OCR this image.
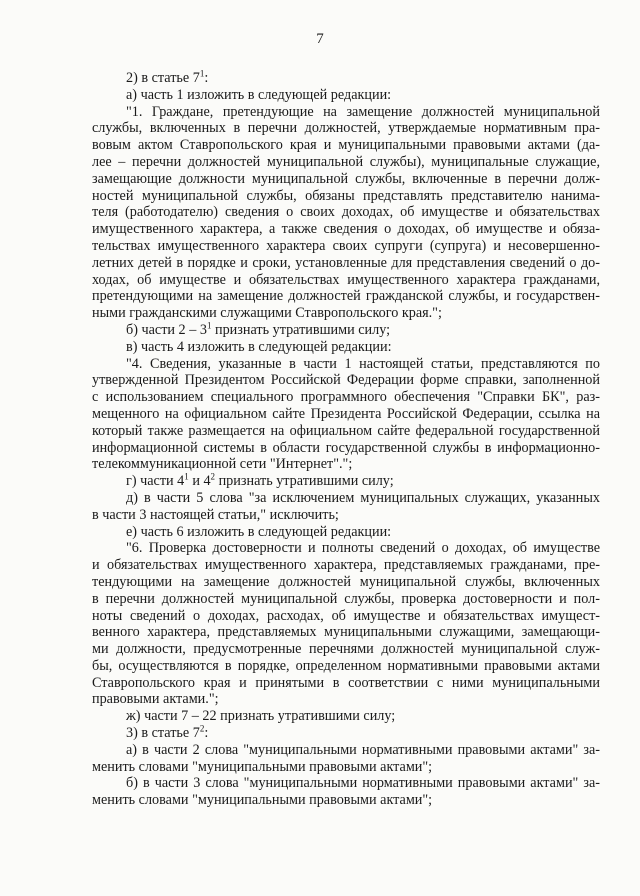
7
2) в статье $7^1$:
а) часть 1 изложить в следующей редакции:
"1. Граждане, претендующие на замещение должностей муниципальной
службы, включенных в перечни должностей, утверждаемые нормативным пра-
вовым актом Ставропольского края и муниципальными правовыми актами (да-
лее – перечни должностей муниципальной службы), муниципальные служащие,
замещающие должности муниципальной службы, включенные в перечни долж-
ностей муниципальной службы, обязаны представлять представителю нанима-
теля (работодателю) сведения о своих доходах, об имуществе и обязательствах
имущественного характера, а также сведения о доходах, об имуществе и обяза-
тельствах имущественного характера своих супруги (супруга) и несовершенно-
летних детей в порядке и сроки, установленные для представления сведений о до-
ходах, об имуществе и обязательствах имущественного характера гражданами,
претендующими на замещение должностей гражданской службы, и государствен-
ными гражданскими служащими Ставропольского края.";
б) части $2 - 3^1$ признать утратившими силу;
в) часть 4 изложить в следующей редакции:
"4. Сведения, указанные в части 1 настоящей статьи, представляются по
утвержденной Президентом Российской Федерации форме справки, заполненной
с использованием специального программного обеспечения "Справки БК", раз-
мещенного на официальном сайте Президента Российской Федерации, ссылка на
который также размещается на официальном сайте федеральной государственной
информационной системы в области государственной службы в информационно-
телекоммуникационной сети "Интернет".";
г) части $4^1$ и $4^2$ признать утратившими силу;
д) в части 5 слова "за исключением муниципальных служащих, указанных
в части 3 настоящей статьи," исключить;
е) часть 6 изложить в следующей редакции:
"6. Проверка достоверности и полноты сведений о доходах, об имуществе
и обязательствах имущественного характера, представляемых гражданами, пре-
тендующими на замещение должностей муниципальной службы, включенных
в перечни должностей муниципальной службы, проверка достоверности и пол-
ноты сведений о доходах, расходах, об имуществе и обязательствах имущест-
венного характера, представляемых муниципальными служащими, замещающи-
ми должности, предусмотренные перечнями должностей муниципальной служ-
бы, осуществляются в порядке, определенном нормативными правовыми актами
Ставропольского края и принятыми в соответствии с ними муниципальными
правовыми актами.";
ж) части 7 – 22 признать утратившими силу;
3) в статье $7^2$:
а) в части 2 слова "муниципальными нормативными правовыми актами" за-
менить словами "муниципальными правовыми актами";
б) в части 3 слова "муниципальными нормативными правовыми актами" за-
менить словами "муниципальными правовыми актами";
